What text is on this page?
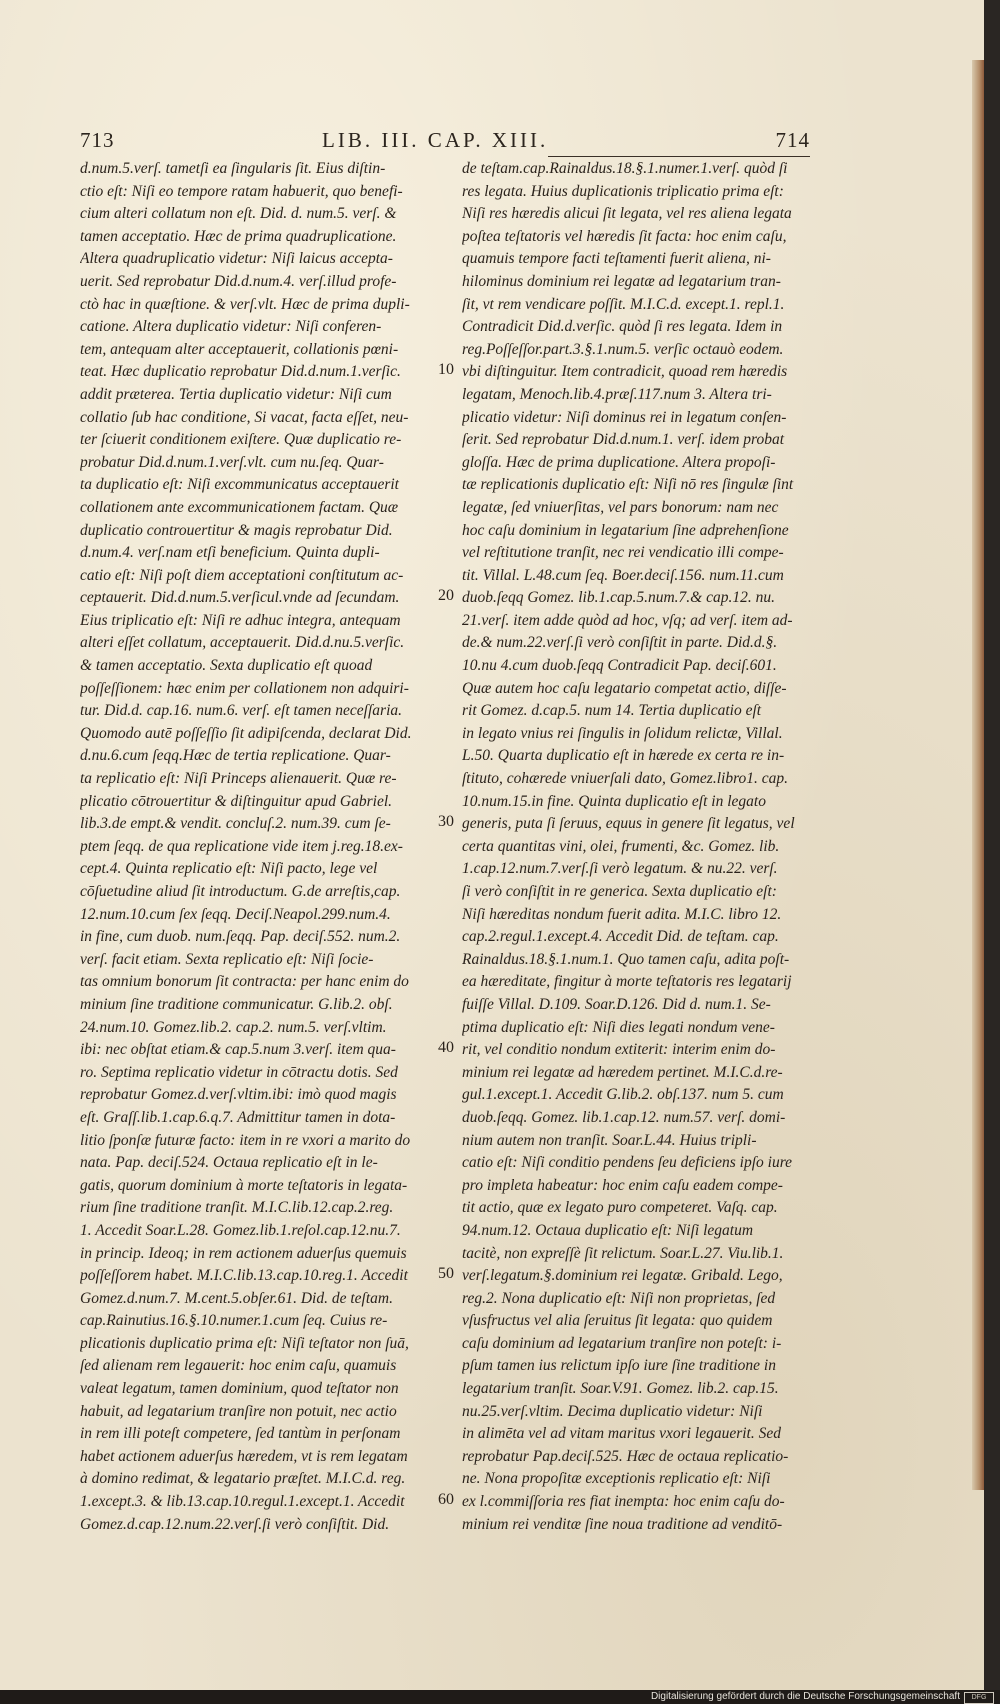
713	LIB. III. CAP. XIII.	714
d.num.5.verſ. tametſi ea ſingularis ſit. Eius diſtin-
ctio eſt: Niſi eo tempore ratam habuerit, quo benefi-
cium alteri collatum non eſt. Did. d. num.5. verſ. &
tamen acceptatio. Hæc de prima quadruplicatione.
Altera quadruplicatio videtur: Niſi laicus accepta-
uerit. Sed reprobatur Did.d.num.4. verſ.illud profe-
ctò hac in quæſtione. & verſ.vlt. Hæc de prima dupli-
catione. Altera duplicatio videtur: Niſi conferen-
tem, antequam alter acceptauerit, collationis pœni-
teat. Hæc duplicatio reprobatur Did.d.num.1.verſic.
addit præterea. Tertia duplicatio videtur: Niſi cum
collatio ſub hac conditione, Si vacat, facta eſſet, neu-
ter ſciuerit conditionem exiſtere. Quæ duplicatio re-
probatur Did.d.num.1.verſ.vlt. cum nu.ſeq. Quar-
ta duplicatio eſt: Niſi excommunicatus acceptauerit
collationem ante excommunicationem factam. Quæ
duplicatio controuertitur & magis reprobatur Did.
d.num.4. verſ.nam etſi beneficium. Quinta dupli-
catio eſt: Niſi poſt diem acceptationi conſtitutum ac-
ceptauerit. Did.d.num.5.verſicul.vnde ad ſecundam.
Eius triplicatio eſt: Niſi re adhuc integra, antequam
alteri eſſet collatum, acceptauerit. Did.d.nu.5.verſic.
& tamen acceptatio. Sexta duplicatio eſt quoad
poſſeſſionem: hæc enim per collationem non adquiri-
tur. Did.d. cap.16. num.6. verſ. eſt tamen neceſſaria.
Quomodo autē poſſeſſio ſit adipiſcenda, declarat Did.
d.nu.6.cum ſeqq.Hæc de tertia replicatione. Quar-
ta replicatio eſt: Niſi Princeps alienauerit. Quæ re-
plicatio cōtrouertitur & diſtinguitur apud Gabriel.
lib.3.de empt.& vendit. concluſ.2. num.39. cum ſe-
ptem ſeqq. de qua replicatione vide item j.reg.18.ex-
cept.4. Quinta replicatio eſt: Niſi pacto, lege vel
cōſuetudine aliud ſit introductum. G.de arreſtis,cap.
12.num.10.cum ſex ſeqq. Deciſ.Neapol.299.num.4.
in fine, cum duob. num.ſeqq. Pap. deciſ.552. num.2.
verſ. facit etiam. Sexta replicatio eſt: Niſi ſocie-
tas omnium bonorum ſit contracta: per hanc enim do
minium ſine traditione communicatur. G.lib.2. obſ.
24.num.10. Gomez.lib.2. cap.2. num.5. verſ.vltim.
ibi: nec obſtat etiam.& cap.5.num 3.verſ. item qua-
ro. Septima replicatio videtur in cōtractu dotis. Sed
reprobatur Gomez.d.verſ.vltim.ibi: imò quod magis
eſt. Graſſ.lib.1.cap.6.q.7. Admittitur tamen in dota-
litio ſponſæ futuræ facto: item in re vxori a marito do
nata. Pap. deciſ.524. Octaua replicatio eſt in le-
gatis, quorum dominium à morte teſtatoris in legata-
rium ſine traditione tranſit. M.I.C.lib.12.cap.2.reg.
1. Accedit Soar.L.28. Gomez.lib.1.reſol.cap.12.nu.7.
in princip. Ideoq; in rem actionem aduerſus quemuis
poſſeſſorem habet. M.I.C.lib.13.cap.10.reg.1. Accedit
Gomez.d.num.7. M.cent.5.obſer.61. Did. de teſtam.
cap.Rainutius.16.§.10.numer.1.cum ſeq. Cuius re-
plicationis duplicatio prima eſt: Niſi teſtator non ſuā,
ſed alienam rem legauerit: hoc enim caſu, quamuis
valeat legatum, tamen dominium, quod teſtator non
habuit, ad legatarium tranſire non potuit, nec actio
in rem illi poteſt competere, ſed tantùm in perſonam
habet actionem aduerſus hæredem, vt is rem legatam
à domino redimat, & legatario præſtet. M.I.C.d. reg.
1.except.3. & lib.13.cap.10.regul.1.except.1. Accedit
Gomez.d.cap.12.num.22.verſ.ſi verò conſiſtit. Did.
de teſtam.cap.Rainaldus.18.§.1.numer.1.verſ. quòd ſi
res legata. Huius duplicationis triplicatio prima eſt:
Niſi res hæredis alicui ſit legata, vel res aliena legata
poſtea teſtatoris vel hæredis ſit facta: hoc enim caſu,
quamuis tempore facti teſtamenti fuerit aliena, ni-
hilominus dominium rei legatæ ad legatarium tran-
ſit, vt rem vendicare poſſit. M.I.C.d. except.1. repl.1.
Contradicit Did.d.verſic. quòd ſi res legata. Idem in
reg.Poſſeſſor.part.3.§.1.num.5. verſic octauò eodem.
vbi diſtinguitur. Item contradicit, quoad rem hæredis
legatam, Menoch.lib.4.præſ.117.num 3. Altera tri-
plicatio videtur: Niſi dominus rei in legatum conſen-
ſerit. Sed reprobatur Did.d.num.1. verſ. idem probat
gloſſa. Hæc de prima duplicatione. Altera propoſi-
tæ replicationis duplicatio eſt: Niſi nō res ſingulæ ſint
legatæ, ſed vniuerſitas, vel pars bonorum: nam nec
hoc caſu dominium in legatarium ſine adprehenſione
vel reſtitutione tranſit, nec rei vendicatio illi compe-
tit. Villal. L.48.cum ſeq. Boer.deciſ.156. num.11.cum
duob.ſeqq Gomez. lib.1.cap.5.num.7.& cap.12. nu.
21.verſ. item adde quòd ad hoc, vſq; ad verſ. item ad-
de.& num.22.verſ.ſi verò conſiſtit in parte. Did.d.§.
10.nu 4.cum duob.ſeqq Contradicit Pap. deciſ.601.
Quæ autem hoc caſu legatario competat actio, diſſe-
rit Gomez. d.cap.5. num 14. Tertia duplicatio eſt
in legato vnius rei ſingulis in ſolidum relictæ, Villal.
L.50. Quarta duplicatio eſt in hærede ex certa re in-
ſtituto, cohærede vniuerſali dato, Gomez.libro1. cap.
10.num.15.in fine. Quinta duplicatio eſt in legato
generis, puta ſi ſeruus, equus in genere ſit legatus, vel
certa quantitas vini, olei, frumenti, &c. Gomez. lib.
1.cap.12.num.7.verſ.ſi verò legatum. & nu.22. verſ.
ſi verò conſiſtit in re generica. Sexta duplicatio eſt:
Niſi hæreditas nondum fuerit adita. M.I.C. libro 12.
cap.2.regul.1.except.4. Accedit Did. de teſtam. cap.
Rainaldus.18.§.1.num.1. Quo tamen caſu, adita poſt-
ea hæreditate, fingitur à morte teſtatoris res legatarij
fuiſſe Villal. D.109. Soar.D.126. Did d. num.1. Se-
ptima duplicatio eſt: Niſi dies legati nondum vene-
rit, vel conditio nondum extiterit: interim enim do-
minium rei legatæ ad hæredem pertinet. M.I.C.d.re-
gul.1.except.1. Accedit G.lib.2. obſ.137. num 5. cum
duob.ſeqq. Gomez. lib.1.cap.12. num.57. verſ. domi-
nium autem non tranſit. Soar.L.44. Huius tripli-
catio eſt: Niſi conditio pendens ſeu deficiens ipſo iure
pro impleta habeatur: hoc enim caſu eadem compe-
tit actio, quæ ex legato puro competeret. Vaſq. cap.
94.num.12. Octaua duplicatio eſt: Niſi legatum
tacitè, non expreſſè ſit relictum. Soar.L.27. Viu.lib.1.
verſ.legatum.§.dominium rei legatæ. Gribald. Lego,
reg.2. Nona duplicatio eſt: Niſi non proprietas, ſed
vſusfructus vel alia ſeruitus ſit legata: quo quidem
caſu dominium ad legatarium tranſire non poteſt: i-
pſum tamen ius relictum ipſo iure ſine traditione in
legatarium tranſit. Soar.V.91. Gomez. lib.2. cap.15.
nu.25.verſ.vltim. Decima duplicatio videtur: Niſi
in alimēta vel ad vitam maritus vxori legauerit. Sed
reprobatur Pap.deciſ.525. Hæc de octaua replicatio-
ne. Nona propoſitæ exceptionis replicatio eſt: Niſi
ex l.commiſſoria res fiat inempta: hoc enim caſu do-
minium rei venditæ ſine noua traditione ad venditō-
10
20
30
40
50
60
Digitalisierung gefördert durch die Deutsche Forschungsgemeinschaft	DFG
